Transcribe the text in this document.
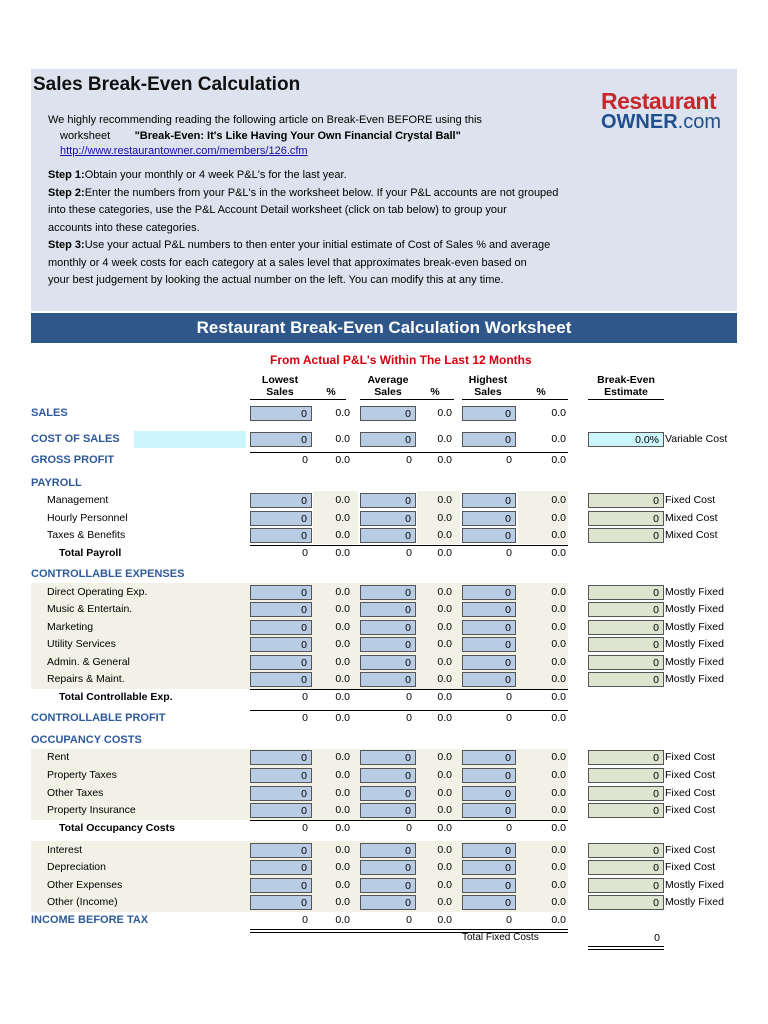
Sales Break-Even Calculation
We highly recommending reading the following article on Break-Even BEFORE using this
worksheet "Break-Even: It's Like Having Your Own Financial Crystal Ball"
http://www.restaurantowner.com/members/126.cfm
Step 1: Obtain your monthly or 4 week P&L's for the last year.
Step 2: Enter the numbers from your P&L's in the worksheet below. If your P&L accounts are not grouped
into these categories, use the P&L Account Detail worksheet (click on tab below) to group your
accounts into these categories.
Step 3: Use your actual P&L numbers to then enter your initial estimate of Cost of Sales % and average
monthly or 4 week costs for each category at a sales level that approximates break-even based on
your best judgement by looking the actual number on the left. You can modify this at any time.
Restaurant
OWNER.com
Restaurant Break-Even Calculation Worksheet
From Actual P&L's Within The Last 12 Months
Lowest
Sales	%
Average
Sales	%
Highest
Sales	%
Break-Even
Estimate
SALES	0	0.0	0	0.0	0	0.0
COST OF SALES	0	0.0	0	0.0	0	0.0	0.0% Variable Cost
GROSS PROFIT	0	0.0	0	0.0	0	0.0
PAYROLL
Management	0	0.0	0	0.0	0	0.0	0 Fixed Cost
Hourly Personnel	0	0.0	0	0.0	0	0.0	0 Mixed Cost
Taxes & Benefits	0	0.0	0	0.0	0	0.0	0 Mixed Cost
Total Payroll	0	0.0	0	0.0	0	0.0
CONTROLLABLE EXPENSES
Direct Operating Exp.	0	0.0	0	0.0	0	0.0	0 Mostly Fixed
Music & Entertain.	0	0.0	0	0.0	0	0.0	0 Mostly Fixed
Marketing	0	0.0	0	0.0	0	0.0	0 Mostly Fixed
Utility Services	0	0.0	0	0.0	0	0.0	0 Mostly Fixed
Admin. & General	0	0.0	0	0.0	0	0.0	0 Mostly Fixed
Repairs & Maint.	0	0.0	0	0.0	0	0.0	0 Mostly Fixed
Total Controllable Exp.	0	0.0	0	0.0	0	0.0
CONTROLLABLE PROFIT	0	0.0	0	0.0	0	0.0
OCCUPANCY COSTS
Rent	0	0.0	0	0.0	0	0.0	0 Fixed Cost
Property Taxes	0	0.0	0	0.0	0	0.0	0 Fixed Cost
Other Taxes	0	0.0	0	0.0	0	0.0	0 Fixed Cost
Property Insurance	0	0.0	0	0.0	0	0.0	0 Fixed Cost
Total Occupancy Costs	0	0.0	0	0.0	0	0.0
Interest	0	0.0	0	0.0	0	0.0	0 Fixed Cost
Depreciation	0	0.0	0	0.0	0	0.0	0 Fixed Cost
Other Expenses	0	0.0	0	0.0	0	0.0	0 Mostly Fixed
Other (Income)	0	0.0	0	0.0	0	0.0	0 Mostly Fixed
INCOME BEFORE TAX	0	0.0	0	0.0	0	0.0
Total Fixed Costs	0
